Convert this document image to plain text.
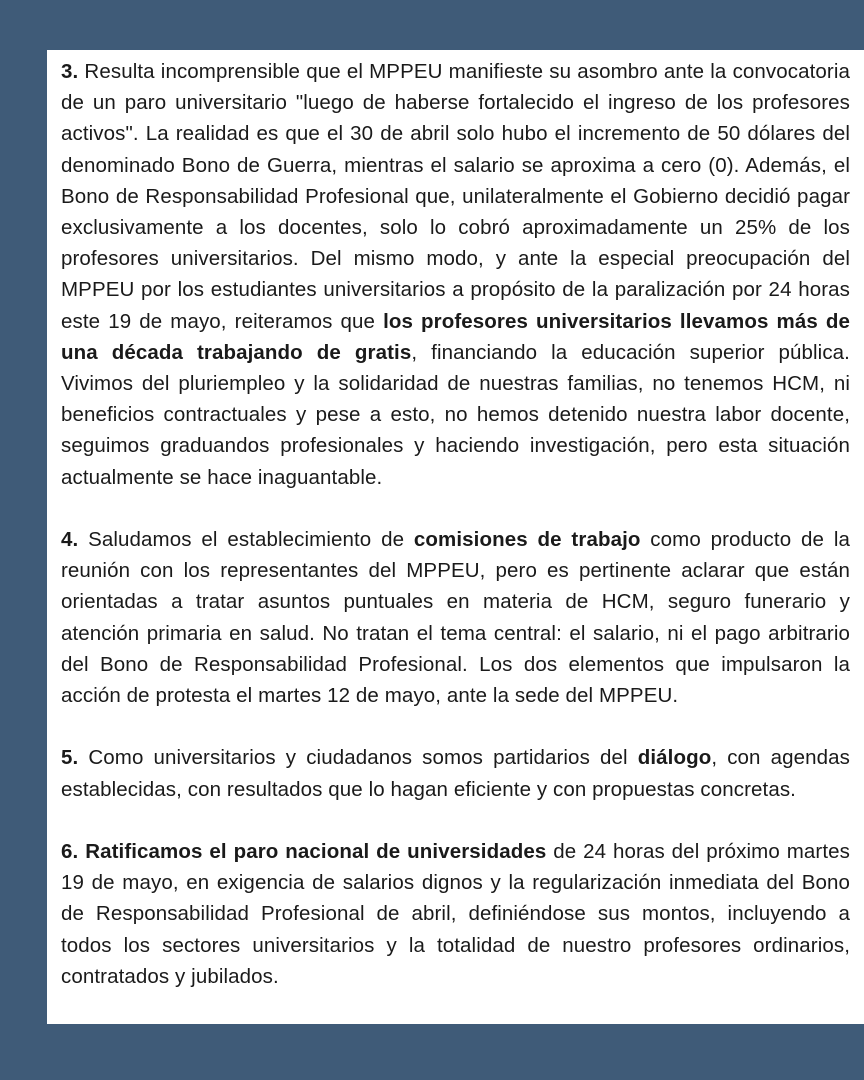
3. Resulta incomprensible que el MPPEU manifieste su asombro ante la convocatoria de un paro universitario "luego de haberse fortalecido el ingreso de los profesores activos". La realidad es que el 30 de abril solo hubo el incremento de 50 dólares del denominado Bono de Guerra, mientras el salario se aproxima a cero (0). Además, el Bono de Responsabilidad Profesional que, unilateralmente el Gobierno decidió pagar exclusivamente a los docentes, solo lo cobró aproximadamente un 25% de los profesores universitarios. Del mismo modo, y ante la especial preocupación del MPPEU por los estudiantes universitarios a propósito de la paralización por 24 horas este 19 de mayo, reiteramos que los profesores universitarios llevamos más de una década trabajando de gratis, financiando la educación superior pública. Vivimos del pluriempleo y la solidaridad de nuestras familias, no tenemos HCM, ni beneficios contractuales y pese a esto, no hemos detenido nuestra labor docente, seguimos graduandos profesionales y haciendo investigación, pero esta situación actualmente se hace inaguantable.

4. Saludamos el establecimiento de comisiones de trabajo como producto de la reunión con los representantes del MPPEU, pero es pertinente aclarar que están orientadas a tratar asuntos puntuales en materia de HCM, seguro funerario y atención primaria en salud. No tratan el tema central: el salario, ni el pago arbitrario del Bono de Responsabilidad Profesional. Los dos elementos que impulsaron la acción de protesta el martes 12 de mayo, ante la sede del MPPEU.

5. Como universitarios y ciudadanos somos partidarios del diálogo, con agendas establecidas, con resultados que lo hagan eficiente y con propuestas concretas.

6. Ratificamos el paro nacional de universidades de 24 horas del próximo martes 19 de mayo, en exigencia de salarios dignos y la regularización inmediata del Bono de Responsabilidad Profesional de abril, definiéndose sus montos, incluyendo a todos los sectores universitarios y la totalidad de nuestro profesores ordinarios, contratados y jubilados.
